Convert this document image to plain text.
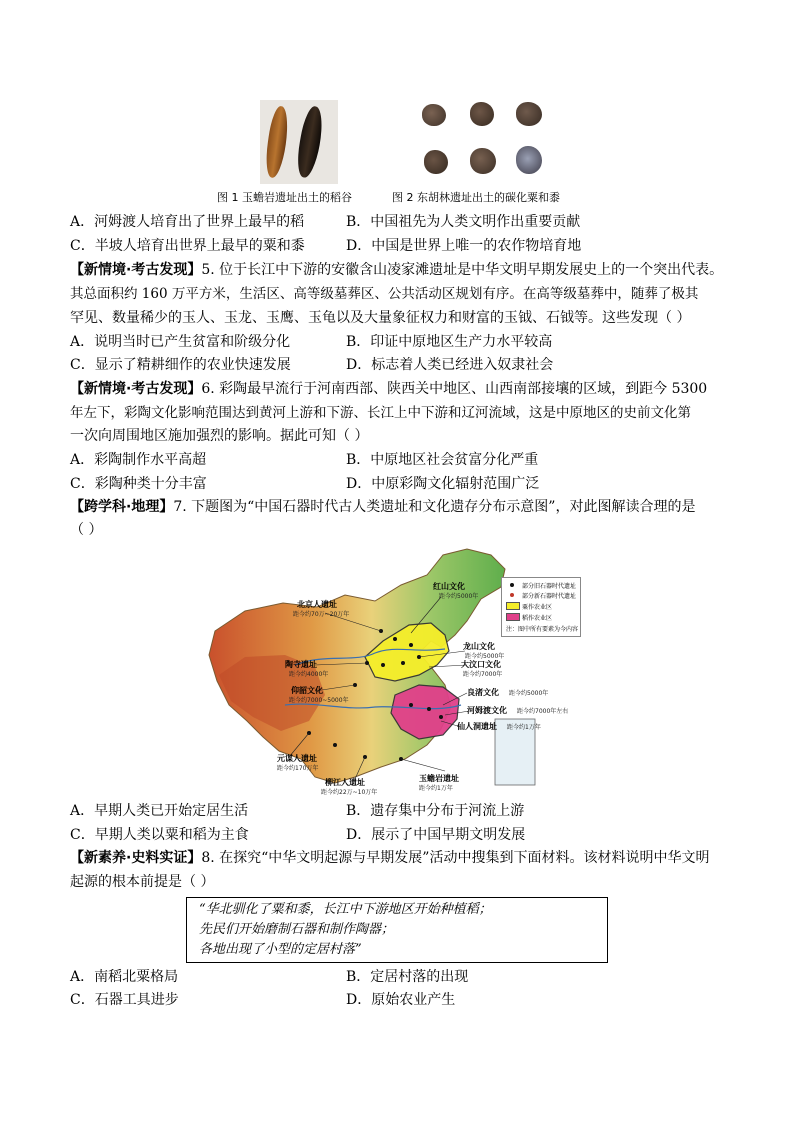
图 1 玉蟾岩遗址出土的稻谷	图 2 东胡林遗址出土的碳化粟和黍
A．河姆渡人培育出了世界上最早的稻	B．中国祖先为人类文明作出重要贡献
C．半坡人培育出世界上最早的粟和黍	D．中国是世界上唯一的农作物培育地
【新情境·考古发现】5. 位于长江中下游的安徽含山凌家滩遗址是中华文明早期发展史上的一个突出代表。
其总面积约 160 万平方米，生活区、高等级墓葬区、公共活动区规划有序。在高等级墓葬中，随葬了极其
罕见、数量稀少的玉人、玉龙、玉鹰、玉龟以及大量象征权力和财富的玉钺、石钺等。这些发现（ ）
A．说明当时已产生贫富和阶级分化	B．印证中原地区生产力水平较高
C．显示了精耕细作的农业快速发展	D．标志着人类已经进入奴隶社会
【新情境·考古发现】6. 彩陶最早流行于河南西部、陕西关中地区、山西南部接壤的区域，到距今 5300
年左下，彩陶文化影响范围达到黄河上游和下游、长江上中下游和辽河流域，这是中原地区的史前文化第
一次向周围地区施加强烈的影响。据此可知（ ）
A．彩陶制作水平高超	B．中原地区社会贫富分化严重
C．彩陶种类十分丰富	D．中原彩陶文化辐射范围广泛
【跨学科·地理】7. 下题图为“中国石器时代古人类遗址和文化遗存分布示意图”，对此图解读合理的是
（ ）
北京人遗址
距今约70万~20万年
红山文化
距今约5000年
龙山文化
距今约5000年
大汶口文化
距今约7000年
陶寺遗址
距今约4000年
仰韶文化
距今约7000~5000年
良渚文化 距今约5000年
河姆渡文化 距今约7000年左右
仙人洞遗址 距今约1万年
元谋人遗址
距今约170万年
柳江人遗址
距今约22万~10万年
玉蟾岩遗址
距今约1万年
部分旧石器时代遗址
部分新石器时代遗址
粟作农业区
稻作农业区
注：图中所有要素为今内容
A．早期人类已开始定居生活	B．遗存集中分布于河流上游
C．早期人类以粟和稻为主食	D．展示了中国早期文明发展
【新素养·史料实证】8. 在探究“中华文明起源与早期发展”活动中搜集到下面材料。该材料说明中华文明
起源的根本前提是（ ）
“华北驯化了粟和黍，长江中下游地区开始种植稻；
先民们开始磨制石器和制作陶器；
各地出现了小型的定居村落”
A．南稻北粟格局	B．定居村落的出现
C．石器工具进步	D．原始农业产生
